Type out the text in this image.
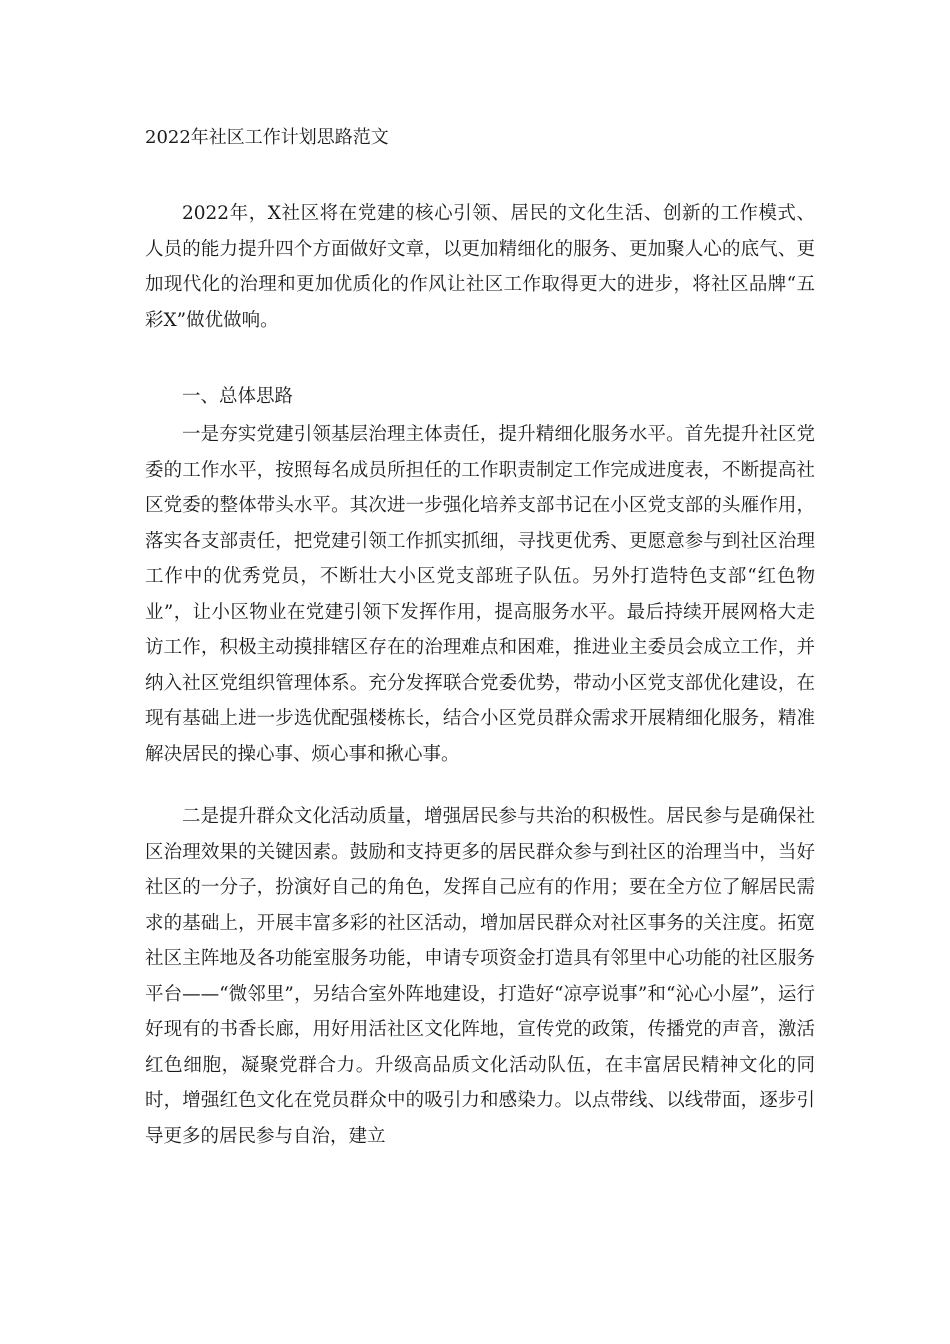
2022年社区工作计划思路范文

2022年，X社区将在党建的核心引领、居民的文化生活、创新的工作模式、人员的能力提升四个方面做好文章，以更加精细化的服务、更加聚人心的底气、更加现代化的治理和更加优质化的作风让社区工作取得更大的进步，将社区品牌“五彩X”做优做响。

一、总体思路

一是夯实党建引领基层治理主体责任，提升精细化服务水平。首先提升社区党委的工作水平，按照每名成员所担任的工作职责制定工作完成进度表，不断提高社区党委的整体带头水平。其次进一步强化培养支部书记在小区党支部的头雁作用，落实各支部责任，把党建引领工作抓实抓细，寻找更优秀、更愿意参与到社区治理工作中的优秀党员，不断壮大小区党支部班子队伍。另外打造特色支部“红色物业”，让小区物业在党建引领下发挥作用，提高服务水平。最后持续开展网格大走访工作，积极主动摸排辖区存在的治理难点和困难，推进业主委员会成立工作，并纳入社区党组织管理体系。充分发挥联合党委优势，带动小区党支部优化建设，在现有基础上进一步选优配强楼栋长，结合小区党员群众需求开展精细化服务，精准解决居民的操心事、烦心事和揪心事。

二是提升群众文化活动质量，增强居民参与共治的积极性。居民参与是确保社区治理效果的关键因素。鼓励和支持更多的居民群众参与到社区的治理当中，当好社区的一分子，扮演好自己的角色，发挥自己应有的作用；要在全方位了解居民需求的基础上，开展丰富多彩的社区活动，增加居民群众对社区事务的关注度。拓宽社区主阵地及各功能室服务功能，申请专项资金打造具有邻里中心功能的社区服务平台——“微邻里”，另结合室外阵地建设，打造好“凉亭说事”和“沁心小屋”，运行好现有的书香长廊，用好用活社区文化阵地，宣传党的政策，传播党的声音，激活红色细胞，凝聚党群合力。升级高品质文化活动队伍，在丰富居民精神文化的同时，增强红色文化在党员群众中的吸引力和感染力。以点带线、以线带面，逐步引导更多的居民参与自治，建立
